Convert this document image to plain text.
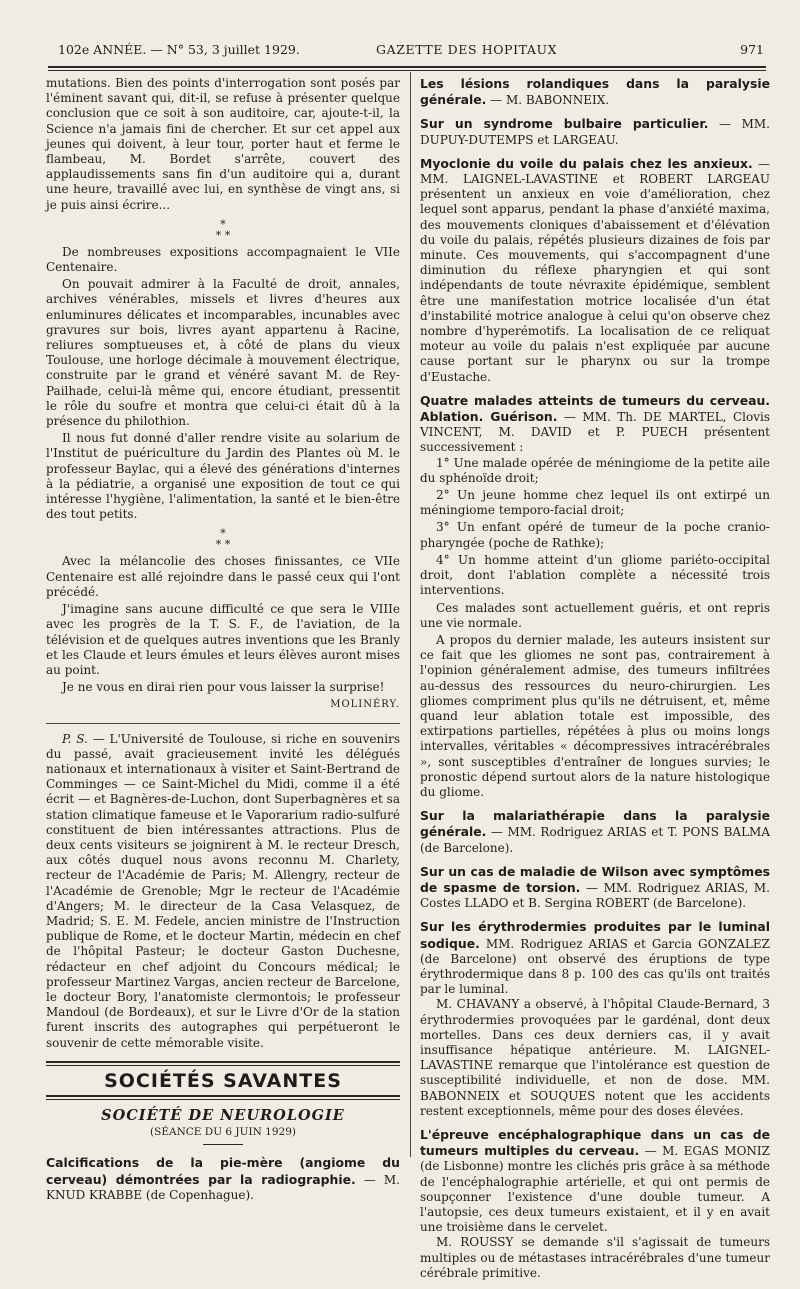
102e ANNÉE. — N° 53, 3 juillet 1929.	GAZETTE DES HOPITAUX	971

mutations. Bien des points d'interrogation sont posés par l'éminent savant qui, dit-il, se refuse à présenter quelque conclusion que ce soit à son auditoire, car, ajoute-t-il, la Science n'a jamais fini de chercher. Et sur cet appel aux jeunes qui doivent, à leur tour, porter haut et ferme le flambeau, M. Bordet s'arrête, couvert des applaudissements sans fin d'un auditoire qui a, durant une heure, travaillé avec lui, en synthèse de vingt ans, si je puis ainsi écrire...

*
* *

De nombreuses expositions accompagnaient le VIIe Centenaire.

On pouvait admirer à la Faculté de droit, annales, archives vénérables, missels et livres d'heures aux enluminures délicates et incomparables, incunables avec gravures sur bois, livres ayant appartenu à Racine, reliures somptueuses et, à côté de plans du vieux Toulouse, une horloge décimale à mouvement électrique, construite par le grand et vénéré savant M. de Rey-Pailhade, celui-là même qui, encore étudiant, pressentit le rôle du soufre et montra que celui-ci était dû à la présence du philothion.

Il nous fut donné d'aller rendre visite au solarium de l'Institut de puériculture du Jardin des Plantes où M. le professeur Baylac, qui a élevé des générations d'internes à la pédiatrie, a organisé une exposition de tout ce qui intéresse l'hygiène, l'alimentation, la santé et le bien-être des tout petits.

*
* *

Avec la mélancolie des choses finissantes, ce VIIe Centenaire est allé rejoindre dans le passé ceux qui l'ont précédé.

J'imagine sans aucune difficulté ce que sera le VIIIe avec les progrès de la T. S. F., de l'aviation, de la télévision et de quelques autres inventions que les Branly et les Claude et leurs émules et leurs élèves auront mises au point.

Je ne vous en dirai rien pour vous laisser la surprise!

MOLINÉRY.

P. S. — L'Université de Toulouse, si riche en souvenirs du passé, avait gracieusement invité les délégués nationaux et internationaux à visiter et Saint-Bertrand de Comminges — ce Saint-Michel du Midi, comme il a été écrit — et Bagnères-de-Luchon, dont Superbagnères et sa station climatique fameuse et le Vaporarium radio-sulfuré constituent de bien intéressantes attractions. Plus de deux cents visiteurs se joignirent à M. le recteur Dresch, aux côtés duquel nous avons reconnu M. Charlety, recteur de l'Académie de Paris; M. Allengry, recteur de l'Académie de Grenoble; Mgr le recteur de l'Académie d'Angers; M. le directeur de la Casa Velasquez, de Madrid; S. E. M. Fedele, ancien ministre de l'Instruction publique de Rome, et le docteur Martin, médecin en chef de l'hôpital Pasteur; le docteur Gaston Duchesne, rédacteur en chef adjoint du Concours médical; le professeur Martinez Vargas, ancien recteur de Barcelone, le docteur Bory, l'anatomiste clermontois; le professeur Mandoul (de Bordeaux), et sur le Livre d'Or de la station furent inscrits des autographes qui perpétueront le souvenir de cette mémorable visite.

SOCIÉTÉS SAVANTES
SOCIÉTÉ DE NEUROLOGIE
(SÉANCE DU 6 JUIN 1929)
Calcifications de la pie-mère (angiome du cerveau) démontrées par la radiographie. — M. KNUD KRABBE (de Copenhague).
Les lésions rolandiques dans la paralysie générale. — M. BABONNEIX.
Sur un syndrome bulbaire particulier. — MM. DUPUY-DUTEMPS et LARGEAU.
Myoclonie du voile du palais chez les anxieux. — MM. LAIGNEL-LAVASTINE et ROBERT LARGEAU présentent un anxieux en voie d'amélioration, chez lequel sont apparus, pendant la phase d'anxiété maxima, des mouvements cloniques d'abaissement et d'élévation du voile du palais, répétés plusieurs dizaines de fois par minute. Ces mouvements, qui s'accompagnent d'une diminution du réflexe pharyngien et qui sont indépendants de toute névraxite épidémique, semblent être une manifestation motrice localisée d'un état d'instabilité motrice analogue à celui qu'on observe chez nombre d'hyperémotifs. La localisation de ce reliquat moteur au voile du palais n'est expliquée par aucune cause portant sur le pharynx ou sur la trompe d'Eustache.
Quatre malades atteints de tumeurs du cerveau. Ablation. Guérison. — MM. Th. DE MARTEL, Clovis VINCENT, M. DAVID et P. PUECH présentent successivement :

1° Une malade opérée de méningiome de la petite aile du sphénoïde droit;

2° Un jeune homme chez lequel ils ont extirpé un méningiome temporo-facial droit;

3° Un enfant opéré de tumeur de la poche cranio-pharyngée (poche de Rathke);

4° Un homme atteint d'un gliome pariéto-occipital droit, dont l'ablation complète a nécessité trois interventions.

Ces malades sont actuellement guéris, et ont repris une vie normale.

A propos du dernier malade, les auteurs insistent sur ce fait que les gliomes ne sont pas, contrairement à l'opinion généralement admise, des tumeurs infiltrées au-dessus des ressources du neuro-chirurgien. Les gliomes compriment plus qu'ils ne détruisent, et, même quand leur ablation totale est impossible, des extirpations partielles, répétées à plus ou moins longs intervalles, véritables « décompressives intracérébrales », sont susceptibles d'entraîner de longues survies; le pronostic dépend surtout alors de la nature histologique du gliome.

Sur la malariathérapie dans la paralysie générale. — MM. Rodriguez ARIAS et T. PONS BALMA (de Barcelone).
Sur un cas de maladie de Wilson avec symptômes de spasme de torsion. — MM. Rodriguez ARIAS, M. Costes LLADO et B. Sergina ROBERT (de Barcelone).
Sur les érythrodermies produites par le luminal sodique. MM. Rodriguez ARIAS et Garcia GONZALEZ (de Barcelone) ont observé des éruptions de type érythrodermique dans 8 p. 100 des cas qu'ils ont traités par le luminal.

M. CHAVANY a observé, à l'hôpital Claude-Bernard, 3 érythrodermies provoquées par le gardénal, dont deux mortelles. Dans ces deux derniers cas, il y avait insuffisance hépatique antérieure. M. LAIGNEL-LAVASTINE remarque que l'intolérance est question de susceptibilité individuelle, et non de dose. MM. BABONNEIX et SOUQUES notent que les accidents restent exceptionnels, même pour des doses élevées.

L'épreuve encéphalographique dans un cas de tumeurs multiples du cerveau. — M. EGAS MONIZ (de Lisbonne) montre les clichés pris grâce à sa méthode de l'encéphalographie artérielle, et qui ont permis de soupçonner l'existence d'une double tumeur. A l'autopsie, ces deux tumeurs existaient, et il y en avait une troisième dans le cervelet.

M. ROUSSY se demande s'il s'agissait de tumeurs multiples ou de métastases intracérébrales d'une tumeur cérébrale primitive.
